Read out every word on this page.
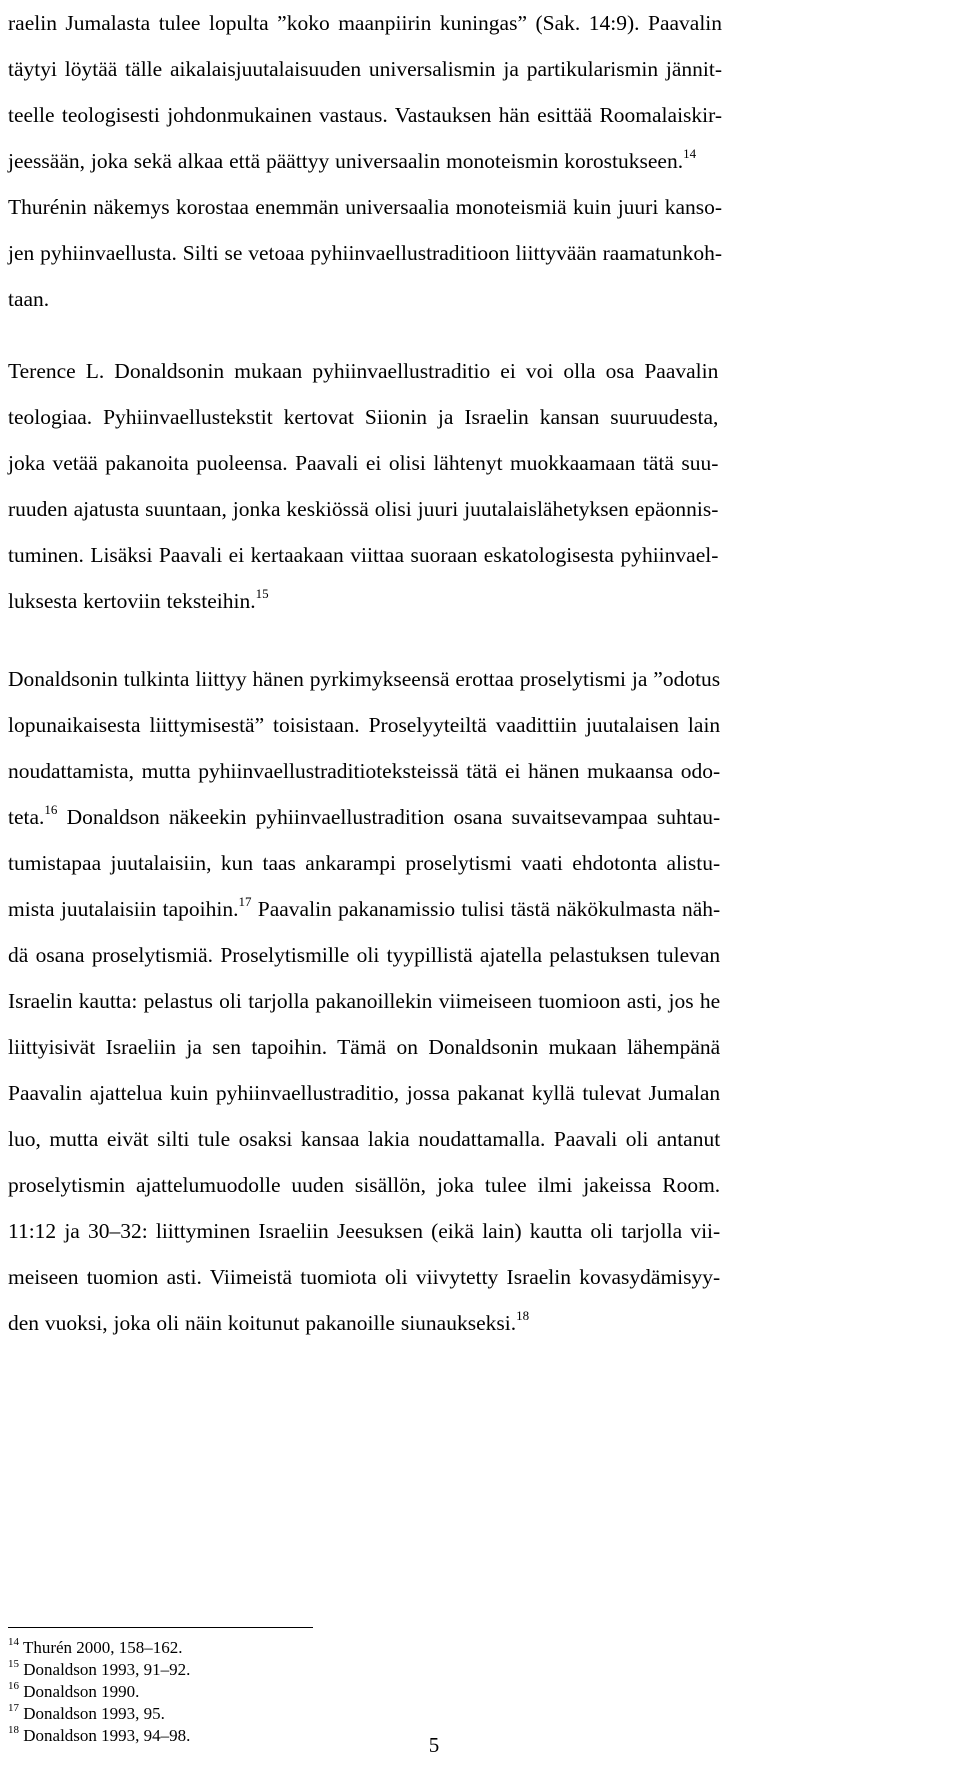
raelin Jumalasta tulee lopulta ”koko maanpiirin kuningas” (Sak. 14:9). Paavalin
täytyi löytää tälle aikalaisjuutalaisuuden universalismin ja partikularismin jännit-
teelle teologisesti johdonmukainen vastaus. Vastauksen hän esittää Roomalaiskir-
jeessään, joka sekä alkaa että päättyy universaalin monoteismin korostukseen.$^{14}$
Thurénin näkemys korostaa enemmän universaalia monoteismiä kuin juuri kanso-
jen pyhiinvaellusta. Silti se vetoaa pyhiinvaellustraditioon liittyvään raamatunkoh-
taan.
Terence L. Donaldsonin mukaan pyhiinvaellustraditio ei voi olla osa Paavalin
teologiaa. Pyhiinvaellustekstit kertovat Siionin ja Israelin kansan suuruudesta,
joka vetää pakanoita puoleensa. Paavali ei olisi lähtenyt muokkaamaan tätä suu-
ruuden ajatusta suuntaan, jonka keskiössä olisi juuri juutalaislähetyksen epäonnis-
tuminen. Lisäksi Paavali ei kertaakaan viittaa suoraan eskatologisesta pyhiinvael-
luksesta kertoviin teksteihin.$^{15}$
Donaldsonin tulkinta liittyy hänen pyrkimykseensä erottaa proselytismi ja ”odotus
lopunaikaisesta liittymisestä” toisistaan. Proselyyteiltä vaadittiin juutalaisen lain
noudattamista, mutta pyhiinvaellustraditioteksteissä tätä ei hänen mukaansa odo-
teta.$^{16}$ Donaldson näkeekin pyhiinvaellustradition osana suvaitsevampaa suhtau-
tumistapaa juutalaisiin, kun taas ankarampi proselytismi vaati ehdotonta alistu-
mista juutalaisiin tapoihin.$^{17}$ Paavalin pakanamissio tulisi tästä näkökulmasta näh-
dä osana proselytismiä. Proselytismille oli tyypillistä ajatella pelastuksen tulevan
Israelin kautta: pelastus oli tarjolla pakanoillekin viimeiseen tuomioon asti, jos he
liittyisivät Israeliin ja sen tapoihin. Tämä on Donaldsonin mukaan lähempänä
Paavalin ajattelua kuin pyhiinvaellustraditio, jossa pakanat kyllä tulevat Jumalan
luo, mutta eivät silti tule osaksi kansaa lakia noudattamalla. Paavali oli antanut
proselytismin ajattelumuodolle uuden sisällön, joka tulee ilmi jakeissa Room.
11:12 ja 30–32: liittyminen Israeliin Jeesuksen (eikä lain) kautta oli tarjolla vii-
meiseen tuomion asti. Viimeistä tuomiota oli viivytetty Israelin kovasydämisyy-
den vuoksi, joka oli näin koitunut pakanoille siunaukseksi.$^{18}$
$^{14}$ Thurén 2000, 158–162.
$^{15}$ Donaldson 1993, 91–92.
$^{16}$ Donaldson 1990.
$^{17}$ Donaldson 1993, 95.
$^{18}$ Donaldson 1993, 94–98.	5
